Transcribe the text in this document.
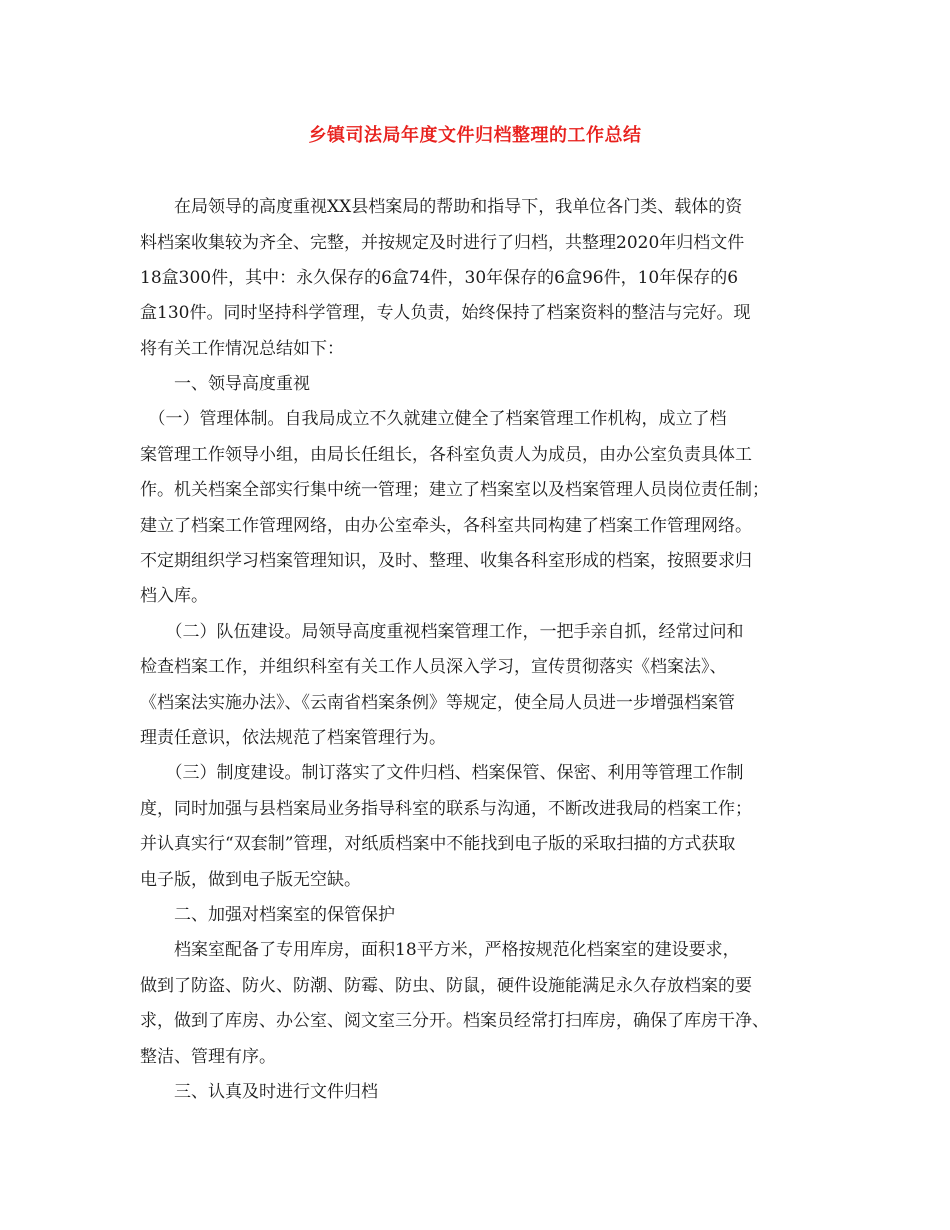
乡镇司法局年度文件归档整理的工作总结
　　在局领导的高度重视XX县档案局的帮助和指导下，我单位各门类、载体的资
料档案收集较为齐全、完整，并按规定及时进行了归档，共整理2020年归档文件
18盒300件，其中：永久保存的6盒74件，30年保存的6盒96件，10年保存的6
盒130件。同时坚持科学管理，专人负责，始终保持了档案资料的整洁与完好。现
将有关工作情况总结如下：
　　一、领导高度重视
　（一）管理体制。自我局成立不久就建立健全了档案管理工作机构，成立了档
案管理工作领导小组，由局长任组长，各科室负责人为成员，由办公室负责具体工
作。机关档案全部实行集中统一管理；建立了档案室以及档案管理人员岗位责任制；
建立了档案工作管理网络，由办公室牵头，各科室共同构建了档案工作管理网络。
不定期组织学习档案管理知识，及时、整理、收集各科室形成的档案，按照要求归
档入库。
　　（二）队伍建设。局领导高度重视档案管理工作，一把手亲自抓，经常过问和
检查档案工作，并组织科室有关工作人员深入学习，宣传贯彻落实《档案法》、
《档案法实施办法》、《云南省档案条例》等规定，使全局人员进一步增强档案管
理责任意识，依法规范了档案管理行为。
　　（三）制度建设。制订落实了文件归档、档案保管、保密、利用等管理工作制
度，同时加强与县档案局业务指导科室的联系与沟通，不断改进我局的档案工作；
并认真实行“双套制”管理，对纸质档案中不能找到电子版的采取扫描的方式获取
电子版，做到电子版无空缺。
　　二、加强对档案室的保管保护
　　档案室配备了专用库房，面积18平方米，严格按规范化档案室的建设要求，
做到了防盗、防火、防潮、防霉、防虫、防鼠，硬件设施能满足永久存放档案的要
求，做到了库房、办公室、阅文室三分开。档案员经常打扫库房，确保了库房干净、
整洁、管理有序。
　　三、认真及时进行文件归档
